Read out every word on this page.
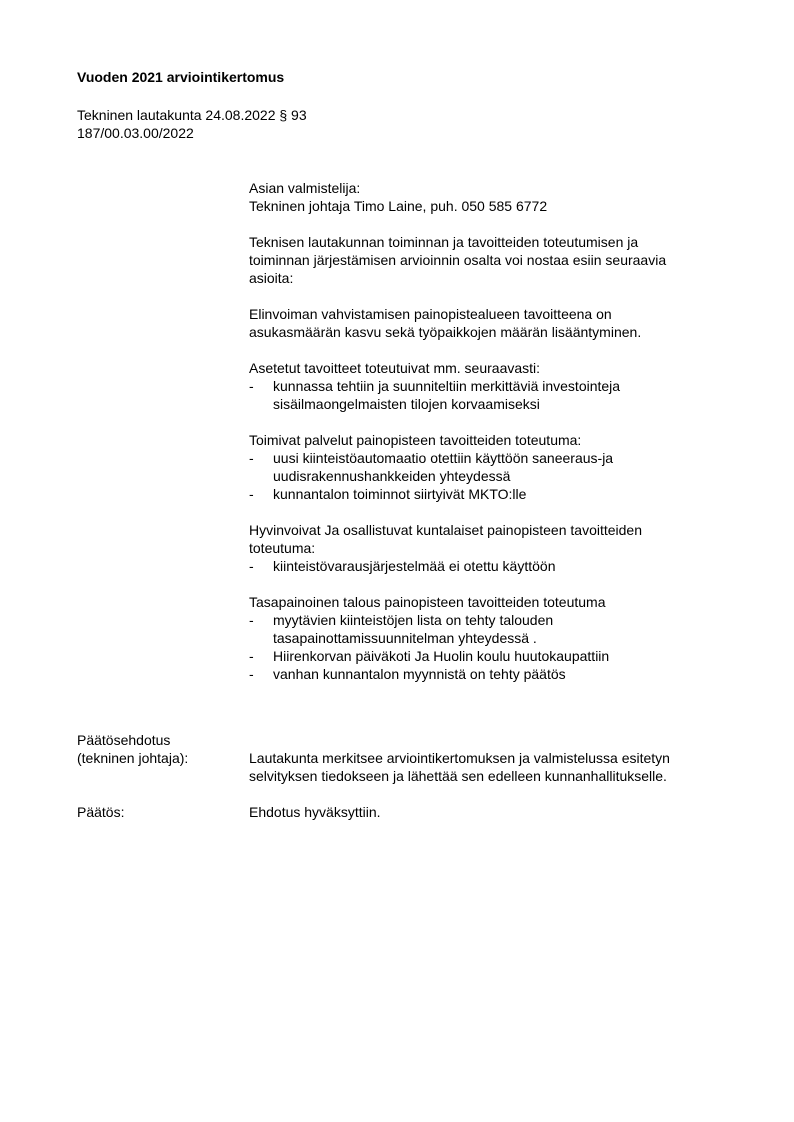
Vuoden 2021 arviointikertomus
Tekninen lautakunta 24.08.2022 § 93
187/00.03.00/2022

Asian valmistelija:

Tekninen johtaja Timo Laine, puh. 050 585 6772

Teknisen lautakunnan toiminnan ja tavoitteiden toteutumisen ja
toiminnan järjestämisen arvioinnin osalta voi nostaa esiin seuraavia
asioita:
Elinvoiman vahvistamisen painopistealueen tavoitteena on
asukasmäärän kasvu sekä työpaikkojen määrän lisääntyminen.
Asetetut tavoitteet toteutuivat mm. seuraavasti:
- kunnassa tehtiin ja suunniteltiin merkittäviä investointeja
sisäilmaongelmaisten tilojen korvaamiseksi
Toimivat palvelut painopisteen tavoitteiden toteutuma:
- uusi kiinteistöautomaatio otettiin käyttöön saneeraus-ja
uudisrakennushankkeiden yhteydessä
- kunnantalon toiminnot siirtyivät MKTO:lle
Hyvinvoivat Ja osallistuvat kuntalaiset painopisteen tavoitteiden
toteutuma:
- kiinteistövarausjärjestelmää ei otettu käyttöön
Tasapainoinen talous painopisteen tavoitteiden toteutuma
- myytävien kiinteistöjen lista on tehty talouden
tasapainottamissuunnitelman yhteydessä .
- Hiirenkorvan päiväkoti Ja Huolin koulu huutokaupattiin
- vanhan kunnantalon myynnistä on tehty päätös
Päätösehdotus
(tekninen johtaja):	Lautakunta merkitsee arviointikertomuksen ja valmistelussa esitetyn
selvityksen tiedokseen ja lähettää sen edelleen kunnanhallitukselle.
Päätös:	Ehdotus hyväksyttiin.
